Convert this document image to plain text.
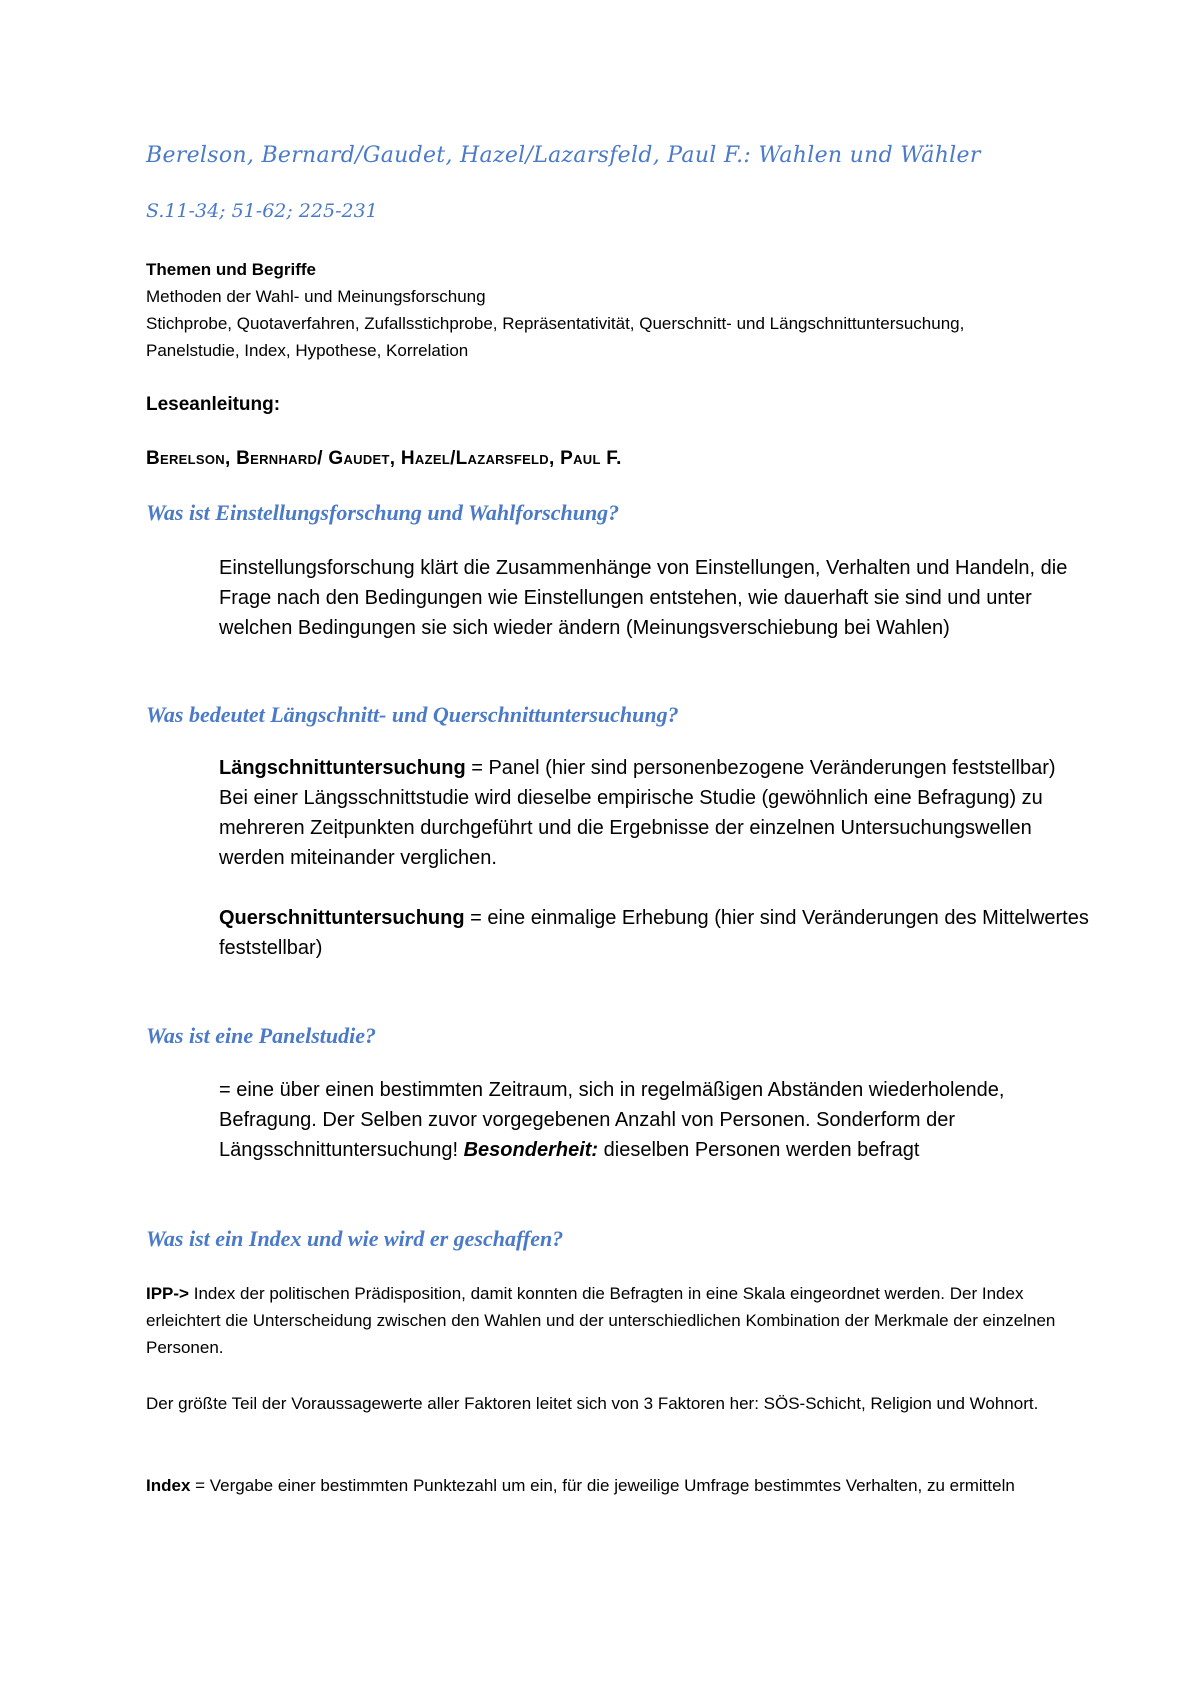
Berelson, Bernard/Gaudet, Hazel/Lazarsfeld, Paul F.: Wahlen und Wähler
S.11-34; 51-62; 225-231
Themen und Begriffe
Methoden der Wahl- und Meinungsforschung
Stichprobe, Quotaverfahren, Zufallsstichprobe, Repräsentativität, Querschnitt- und Längschnittuntersuchung, Panelstudie, Index, Hypothese, Korrelation
Leseanleitung:
Berelson, Bernhard/ Gaudet, Hazel/Lazarsfeld, Paul F.
Was ist Einstellungsforschung und Wahlforschung?
Einstellungsforschung klärt die Zusammenhänge von Einstellungen, Verhalten und Handeln, die Frage nach den Bedingungen wie Einstellungen entstehen, wie dauerhaft sie sind und unter welchen Bedingungen sie sich wieder ändern (Meinungsverschiebung bei Wahlen)
Was bedeutet Längschnitt- und Querschnittuntersuchung?
Längschnittuntersuchung = Panel (hier sind personenbezogene Veränderungen feststellbar)
Bei einer Längsschnittstudie wird dieselbe empirische Studie (gewöhnlich eine Befragung) zu mehreren Zeitpunkten durchgeführt und die Ergebnisse der einzelnen Untersuchungswellen werden miteinander verglichen.
Querschnittuntersuchung = eine einmalige Erhebung (hier sind Veränderungen des Mittelwertes feststellbar)
Was ist eine Panelstudie?
= eine über einen bestimmten Zeitraum, sich in regelmäßigen Abständen wiederholende, Befragung. Der Selben zuvor vorgegebenen Anzahl von Personen. Sonderform der Längsschnittuntersuchung! Besonderheit: dieselben Personen werden befragt
Was ist ein Index und wie wird er geschaffen?
IPP-> Index der politischen Prädisposition, damit konnten die Befragten in eine Skala eingeordnet werden. Der Index erleichtert die Unterscheidung zwischen den Wahlen und der unterschiedlichen Kombination der Merkmale der einzelnen Personen.
Der größte Teil der Voraussagewerte aller Faktoren leitet sich von 3 Faktoren her: SÖS-Schicht, Religion und Wohnort.
Index = Vergabe einer bestimmten Punktezahl um ein, für die jeweilige Umfrage bestimmtes Verhalten, zu ermitteln
